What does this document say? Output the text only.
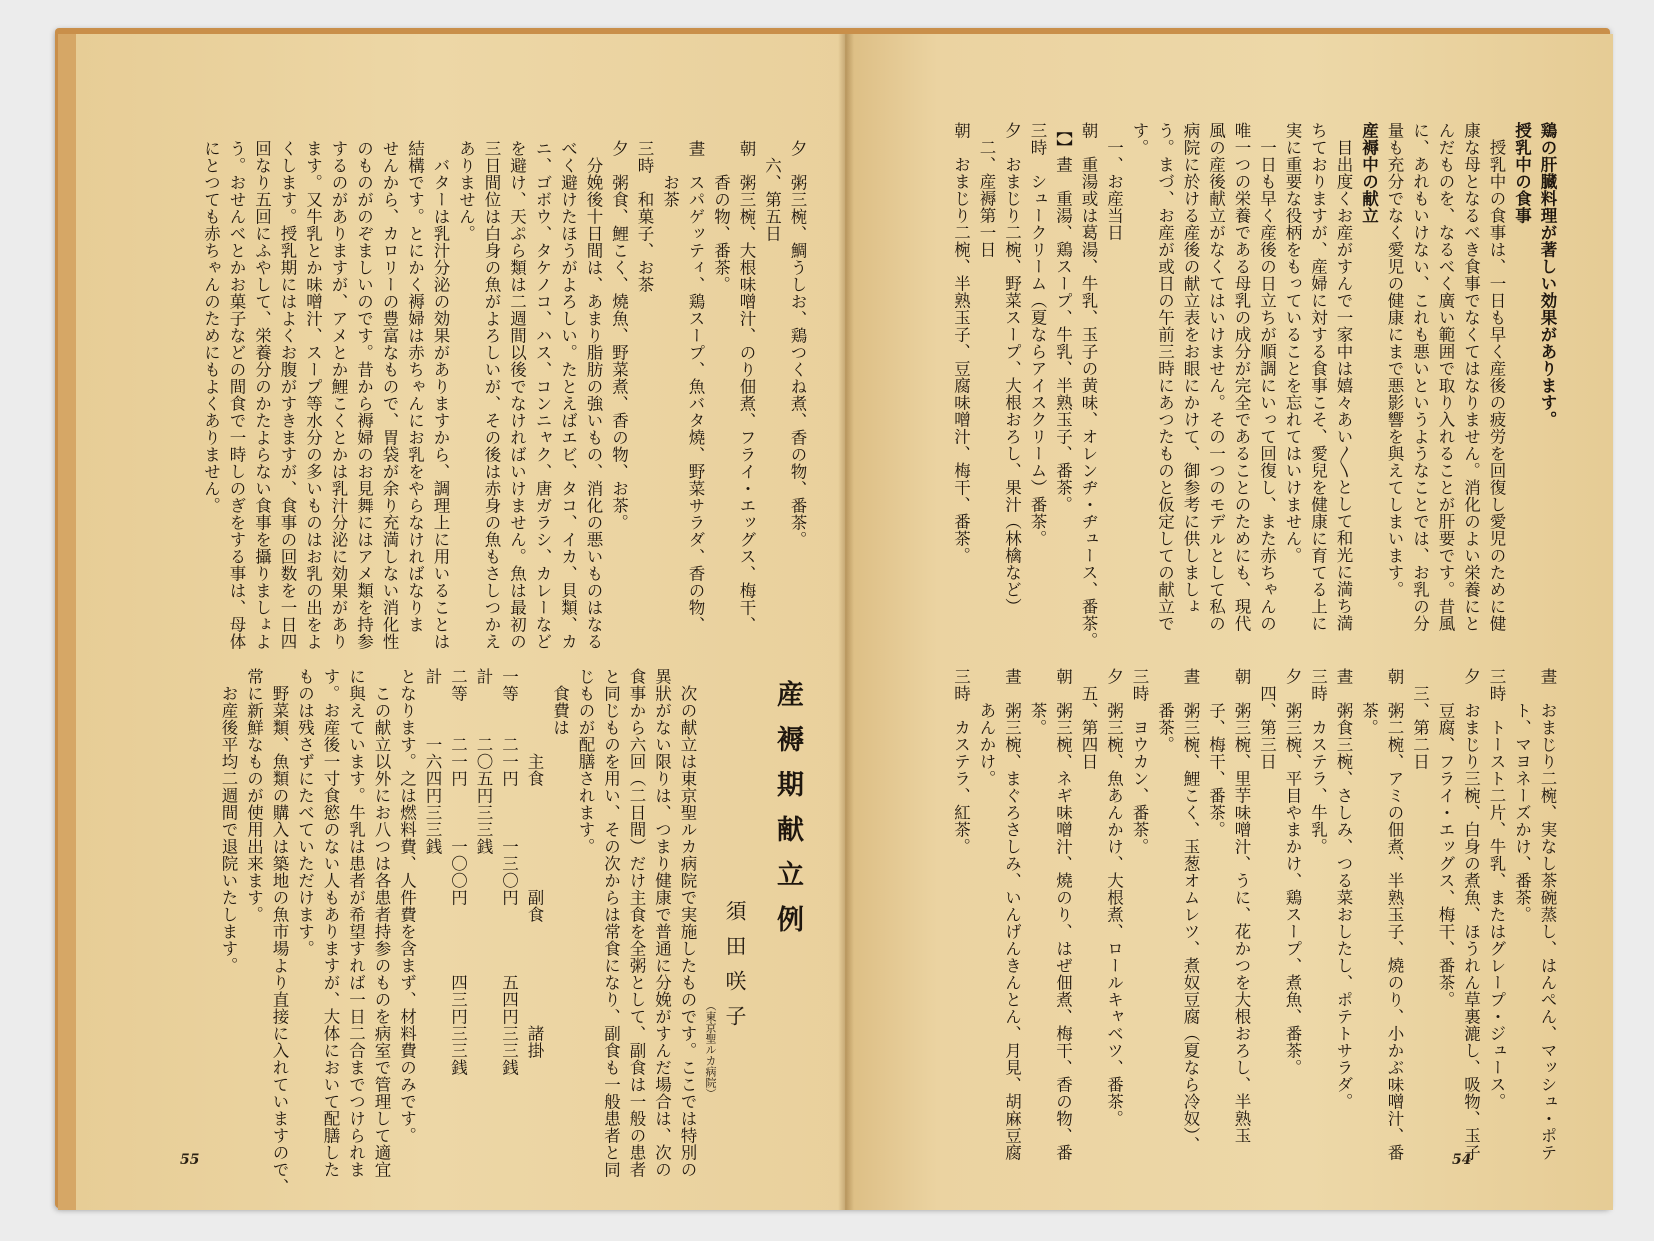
鶏の肝臓料理が著しい効果があります。

授乳中の食事

　授乳中の食事は、一日も早く産後の疲労を回復し愛児のために健

康な母となるべき食事でなくてはなりません。消化のよい栄養にと

んだものを、なるべく廣い範囲で取り入れることが肝要です。昔風

に、あれもいけない、これも悪いというようなことでは、お乳の分

量も充分でなく愛児の健康にまで悪影響を與えてしまいます。

産褥中の献立

　目出度くお産がすんで一家中は嬉々あい〳〵として和光に満ち満

ちておりますが、産婦に対する食事こそ、愛兒を健康に育てる上に

実に重要な役柄をもっていることを忘れてはいけません。

　一日も早く産後の日立ちが順調にいって回復し、また赤ちゃんの

唯一つの栄養である母乳の成分が完全であることのためにも、現代

風の産後献立がなくてはいけません。その一つのモデルとして私の

病院に於ける産後の献立表をお眼にかけて、御参考に供しましょ

う。まづ、お産が或日の午前三時にあつたものと仮定しての献立で

す。

　一、お産当日

朝　重湯或は葛湯、牛乳、玉子の黄味、オレンヂ・ヂュース、番茶。

【】晝　重湯、鶏スープ、牛乳、半熟玉子、番茶。

三時　シュークリーム（夏ならアイスクリーム）番茶。

夕　おまじり二椀、野菜スープ、大根おろし、果汁（林檎など）

　二、産褥第一日

朝　おまじり二椀、半熟玉子、豆腐味噌汁、梅干、番茶。

晝　おまじり二椀、実なし茶碗蒸し、はんぺん、マッシュ・ポテ

　　ト、マヨネーズかけ、番茶。

三時　トースト二片、牛乳、またはグレープ・ジュース。

夕　おまじり三椀、白身の煮魚、ほうれん草裏漉し、吸物、玉子

　　豆腐、フライ・エッグス、梅干、番茶。

　三、第二日

朝　粥二椀、アミの佃煮、半熟玉子、燒のり、小かぶ味噌汁、番

　　茶。

晝　粥食三椀、さしみ、つる菜おしたし、ポテトサラダ。

三時　カステラ、牛乳。

夕　粥三椀、平目やまかけ、鶏スープ、煮魚、番茶。

　四、第三日

朝　粥三椀、里芋味噌汁、うに、花かつを大根おろし、半熟玉

　　子、梅干、番茶。

晝　粥三椀、鯉こく、玉葱オムレツ、煮奴豆腐（夏なら冷奴）、

　　番茶。

三時　ヨウカン、番茶。

夕　粥三椀、魚あんかけ、大根煮、ロールキャベツ、番茶。

　五、第四日

朝　粥三椀、ネギ味噌汁、燒のり、はぜ佃煮、梅干、香の物、番

　　茶。

晝　粥三椀、まぐろさしみ、いんげんきんとん、月見、胡麻豆腐

　　あんかけ。

三時　カステラ、紅茶。

夕　粥三椀、鯛うしお、鶏つくね煮、香の物、番茶。

　六、第五日

朝　粥三椀、大根味噌汁、のり佃煮、フライ・エッグス、梅干、

　　香の物、番茶。

晝　スパゲッティ、鶏スープ、魚バタ燒、野菜サラダ、香の物、

　　お茶

三時　和菓子、お茶

夕　粥食、鯉こく、燒魚、野菜煮、香の物、お茶。

　分娩後十日間は、あまり脂肪の強いもの、消化の悪いものはなる

べく避けたほうがよろしい。たとえばエビ、タコ、イカ、貝類、カ

ニ、ゴボウ、タケノコ、ハス、コンニャク、唐ガラシ、カレーなど

を避け、天ぷら類は二週間以後でなければいけません。魚は最初の

三日間位は白身の魚がよろしいが、その後は赤身の魚もさしつかえ

ありません。

　バターは乳汁分泌の効果がありますから、調理上に用いることは

結構です。とにかく褥婦は赤ちゃんにお乳をやらなければなりま

せんから、カロリーの豊富なもので、胃袋が余り充満しない消化性

のものがのぞましいのです。昔から褥婦のお見舞にはアメ類を持参

するのがありますが、アメとか鯉こくとかは乳汁分泌に効果があり

ます。又牛乳とか味噌汁、スープ等水分の多いものはお乳の出をよ

くします。授乳期にはよくお腹がすきますが、食事の回数を一日四

回なり五回にふやして、栄養分のかたよらない食事を攝りましょよ

う。おせんべとかお菓子などの間食で一時しのぎをする事は、母体

にとつても赤ちゃんのためにもよくありません。

産褥期献立例
須田咲子
（東京聖ルカ病院）

　次の献立は東京聖ルカ病院で実施したものです。ここでは特別の

異狀がない限りは、つまり健康で普通に分娩がすんだ場合は、次の

食事から六回（二日間）だけ主食を全粥として、副食は一般の患者

と同じものを用い、その次からは常食になり、副食も一般患者と同

じものが配膳されます。

　食費は

　　　　　主食　　　　　　副食　　　　　　諸掛

一等　　二一円　　　一三〇円　　　　五四円三三銭

計　　　二〇五円三三銭

二等　　二一円　　　一〇〇円　　　　四三円三三銭

計　　　一六四円三三銭

となります。之は燃料費、人件費を含まず、材料費のみです。

　この献立以外にお八つは各患者持参のものを病室で管理して適宜

に與えています。牛乳は患者が希望すれば一日二合までつけられま

す。お産後一寸食慾のない人もありますが、大体において配膳した

ものは残さずにたべていただけます。

　野菜類、魚類の購入は築地の魚市場より直接に入れていますので、

常に新鮮なものが使用出来ます。

　お産後平均二週間で退院いたします。

55	54
